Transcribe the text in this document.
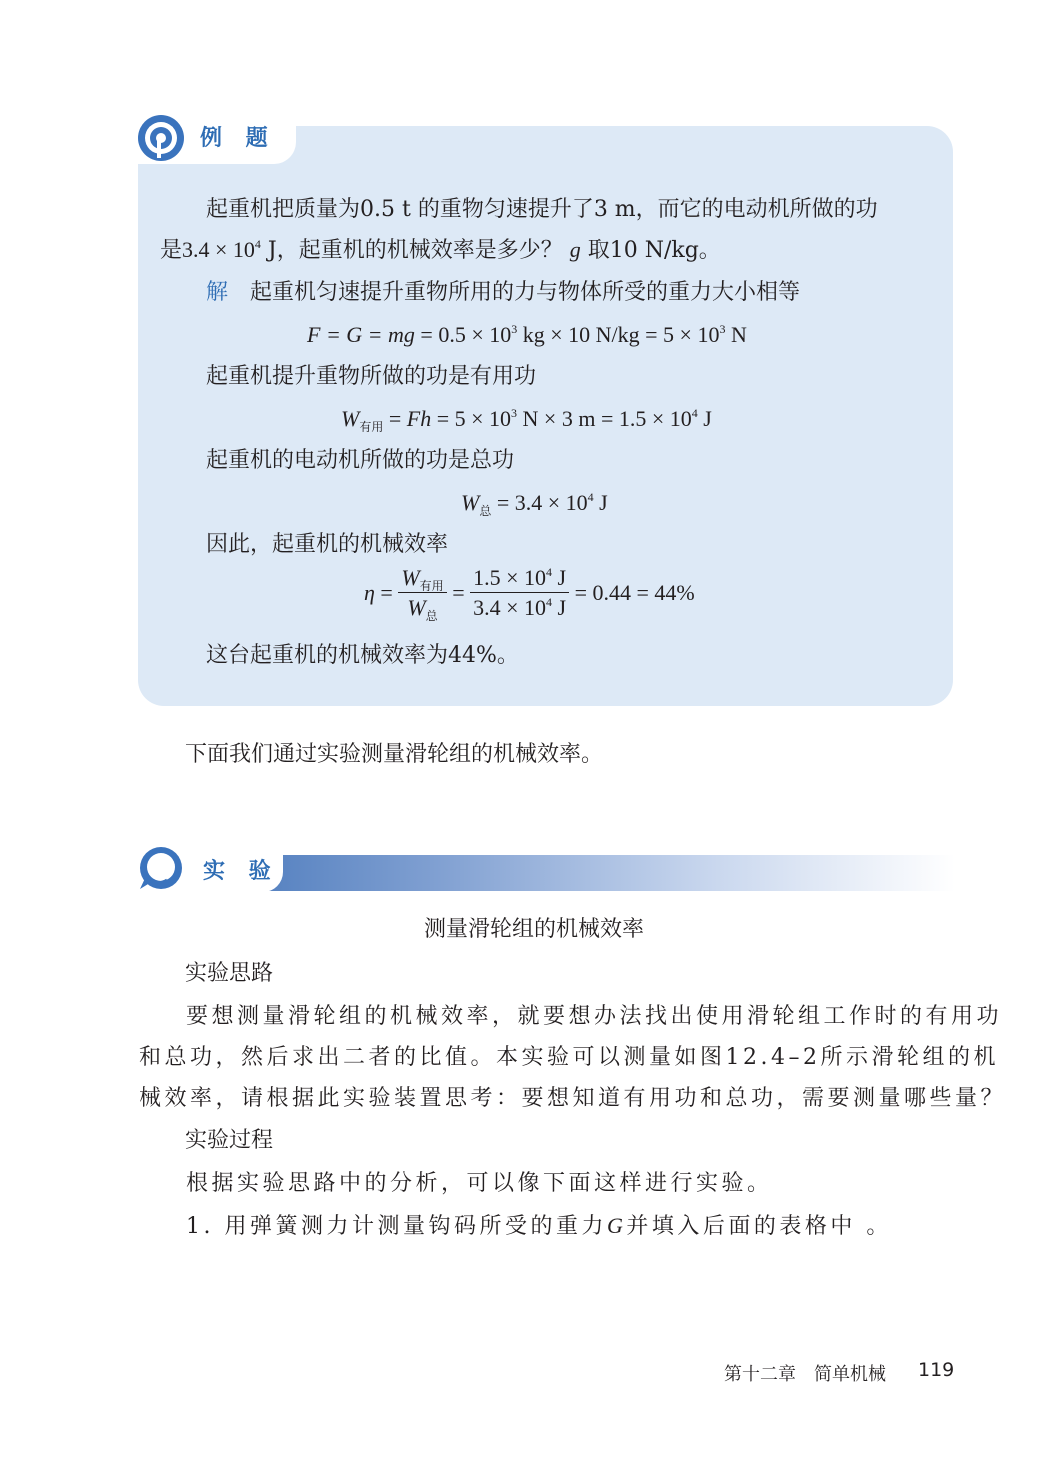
例 题
起重机把质量为0.5 t 的重物匀速提升了3 m，而它的电动机所做的功
是$3.4 \times 10^4$ J，起重机的机械效率是多少？ g 取10 N/kg。
解　 起重机匀速提升重物所用的力与物体所受的重力大小相等
F = G = mg = $0.5 \times 10^3$ kg × 10 $N/kg = 5 \times 10^3$ N
起重机提升重物所做的功是有用功
$W_{有用} = Fh = 5 \times 10^3$ N × 3 $m = 1.5 \times 10^4$ J
起重机的电动机所做的功是总功
$W_总 = 3.4 \times 10^4$ J
因此，起重机的机械效率
$\eta = \frac{W_{有用}}{W_总} = \frac{1.5 \times 10^4 J}{3.4 \times 10^4 J} = 0.44 = 44\%$
这台起重机的机械效率为44%。
下面我们通过实验测量滑轮组的机械效率。
实 验
测量滑轮组的机械效率
实验思路
要想测量滑轮组的机械效率，就要想办法找出使用滑轮组工作时的有用功
和总功，然后求出二者的比值。本实验可以测量如图12.4–2所示滑轮组的机
械效率，请根据此实验装置思考：要想知道有用功和总功，需要测量哪些量？
实验过程
根据实验思路中的分析，可以像下面这样进行实验。
1. 用弹簧测力计测量钩码所受的重力G并填入后面的表格中 。
第十二章　简单机械 119
